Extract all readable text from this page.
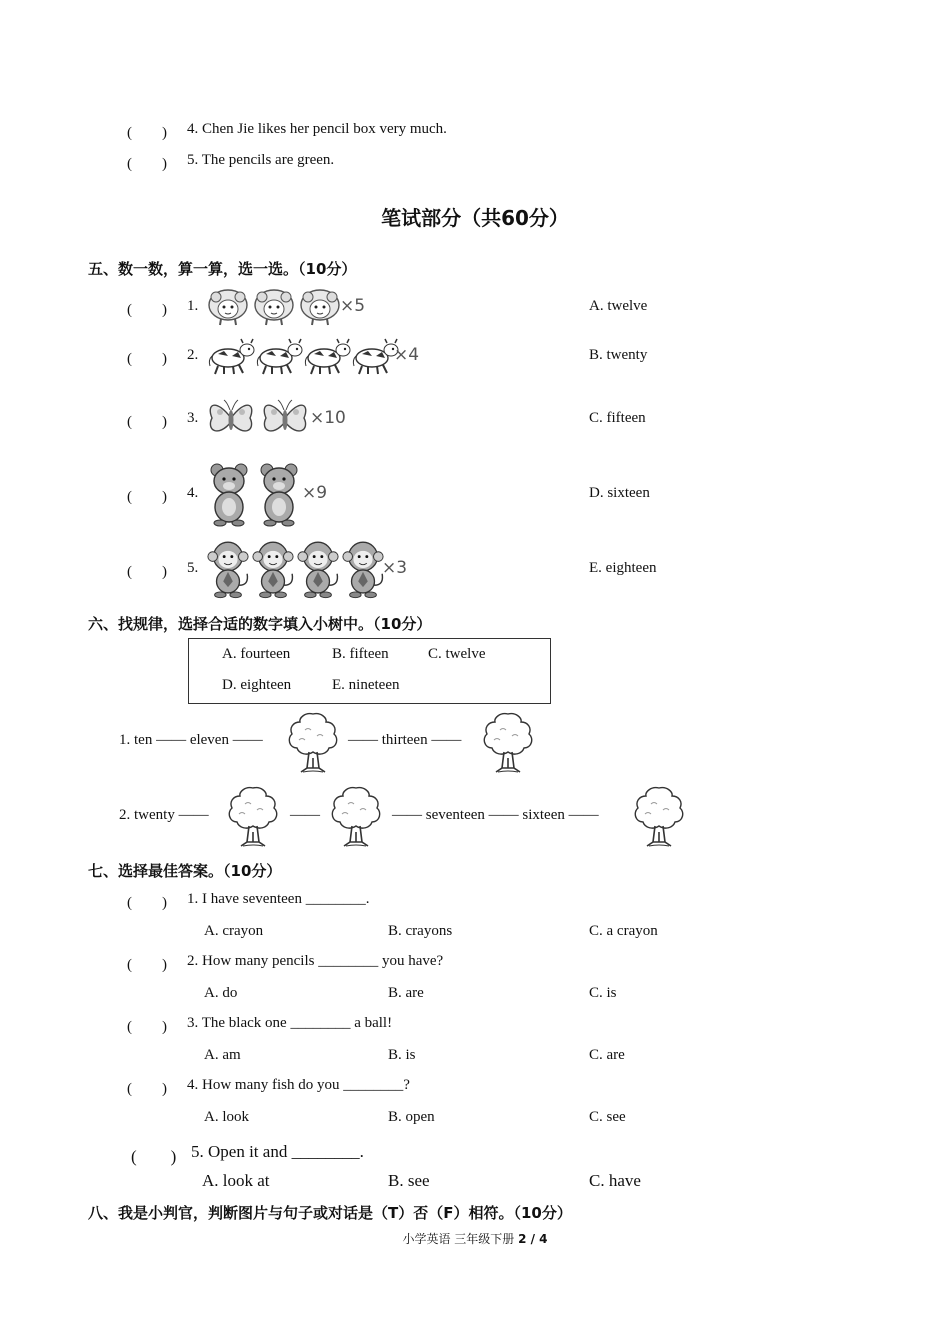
(　　) 4. Chen Jie likes her pencil box very much.
(　　) 5. The pencils are green.
笔试部分（共60分）
五、数一数，算一算，选一选。（10分）
六、找规律，选择合适的数字填入小树中。（10分）
A. fourteen	B. fifteen	C. twelve
D. eighteen	E. nineteen
1. ten —— eleven ——	—— thirteen ——
2. twenty ——	——	—— seventeen —— sixteen ——
七、选择最佳答案。（10分）
(　　) 1. I have seventeen ________.
A. crayon	B. crayons	C. a crayon
(　　) 2. How many pencils ________ you have?
A. do	B. are	C. is
(　　) 3. The black one ________ a ball!
A. am	B. is	C. are
(　　) 4. How many fish do you ________?
A. look	B. open	C. see
(　　) 5. Open it and ________.
A. look at	B. see	C. have
八、我是小判官，判断图片与句子或对话是（T）否（F）相符。（10分）
小学英语 三年级下册 2 / 4
(　　) 1.	×5	A. twelve
(　　) 2.	×4	B. twenty
(　　) 3.	×10	C. fifteen
(　　) 4.	×9	D. sixteen
(　　) 5.	×3	E. eighteen
